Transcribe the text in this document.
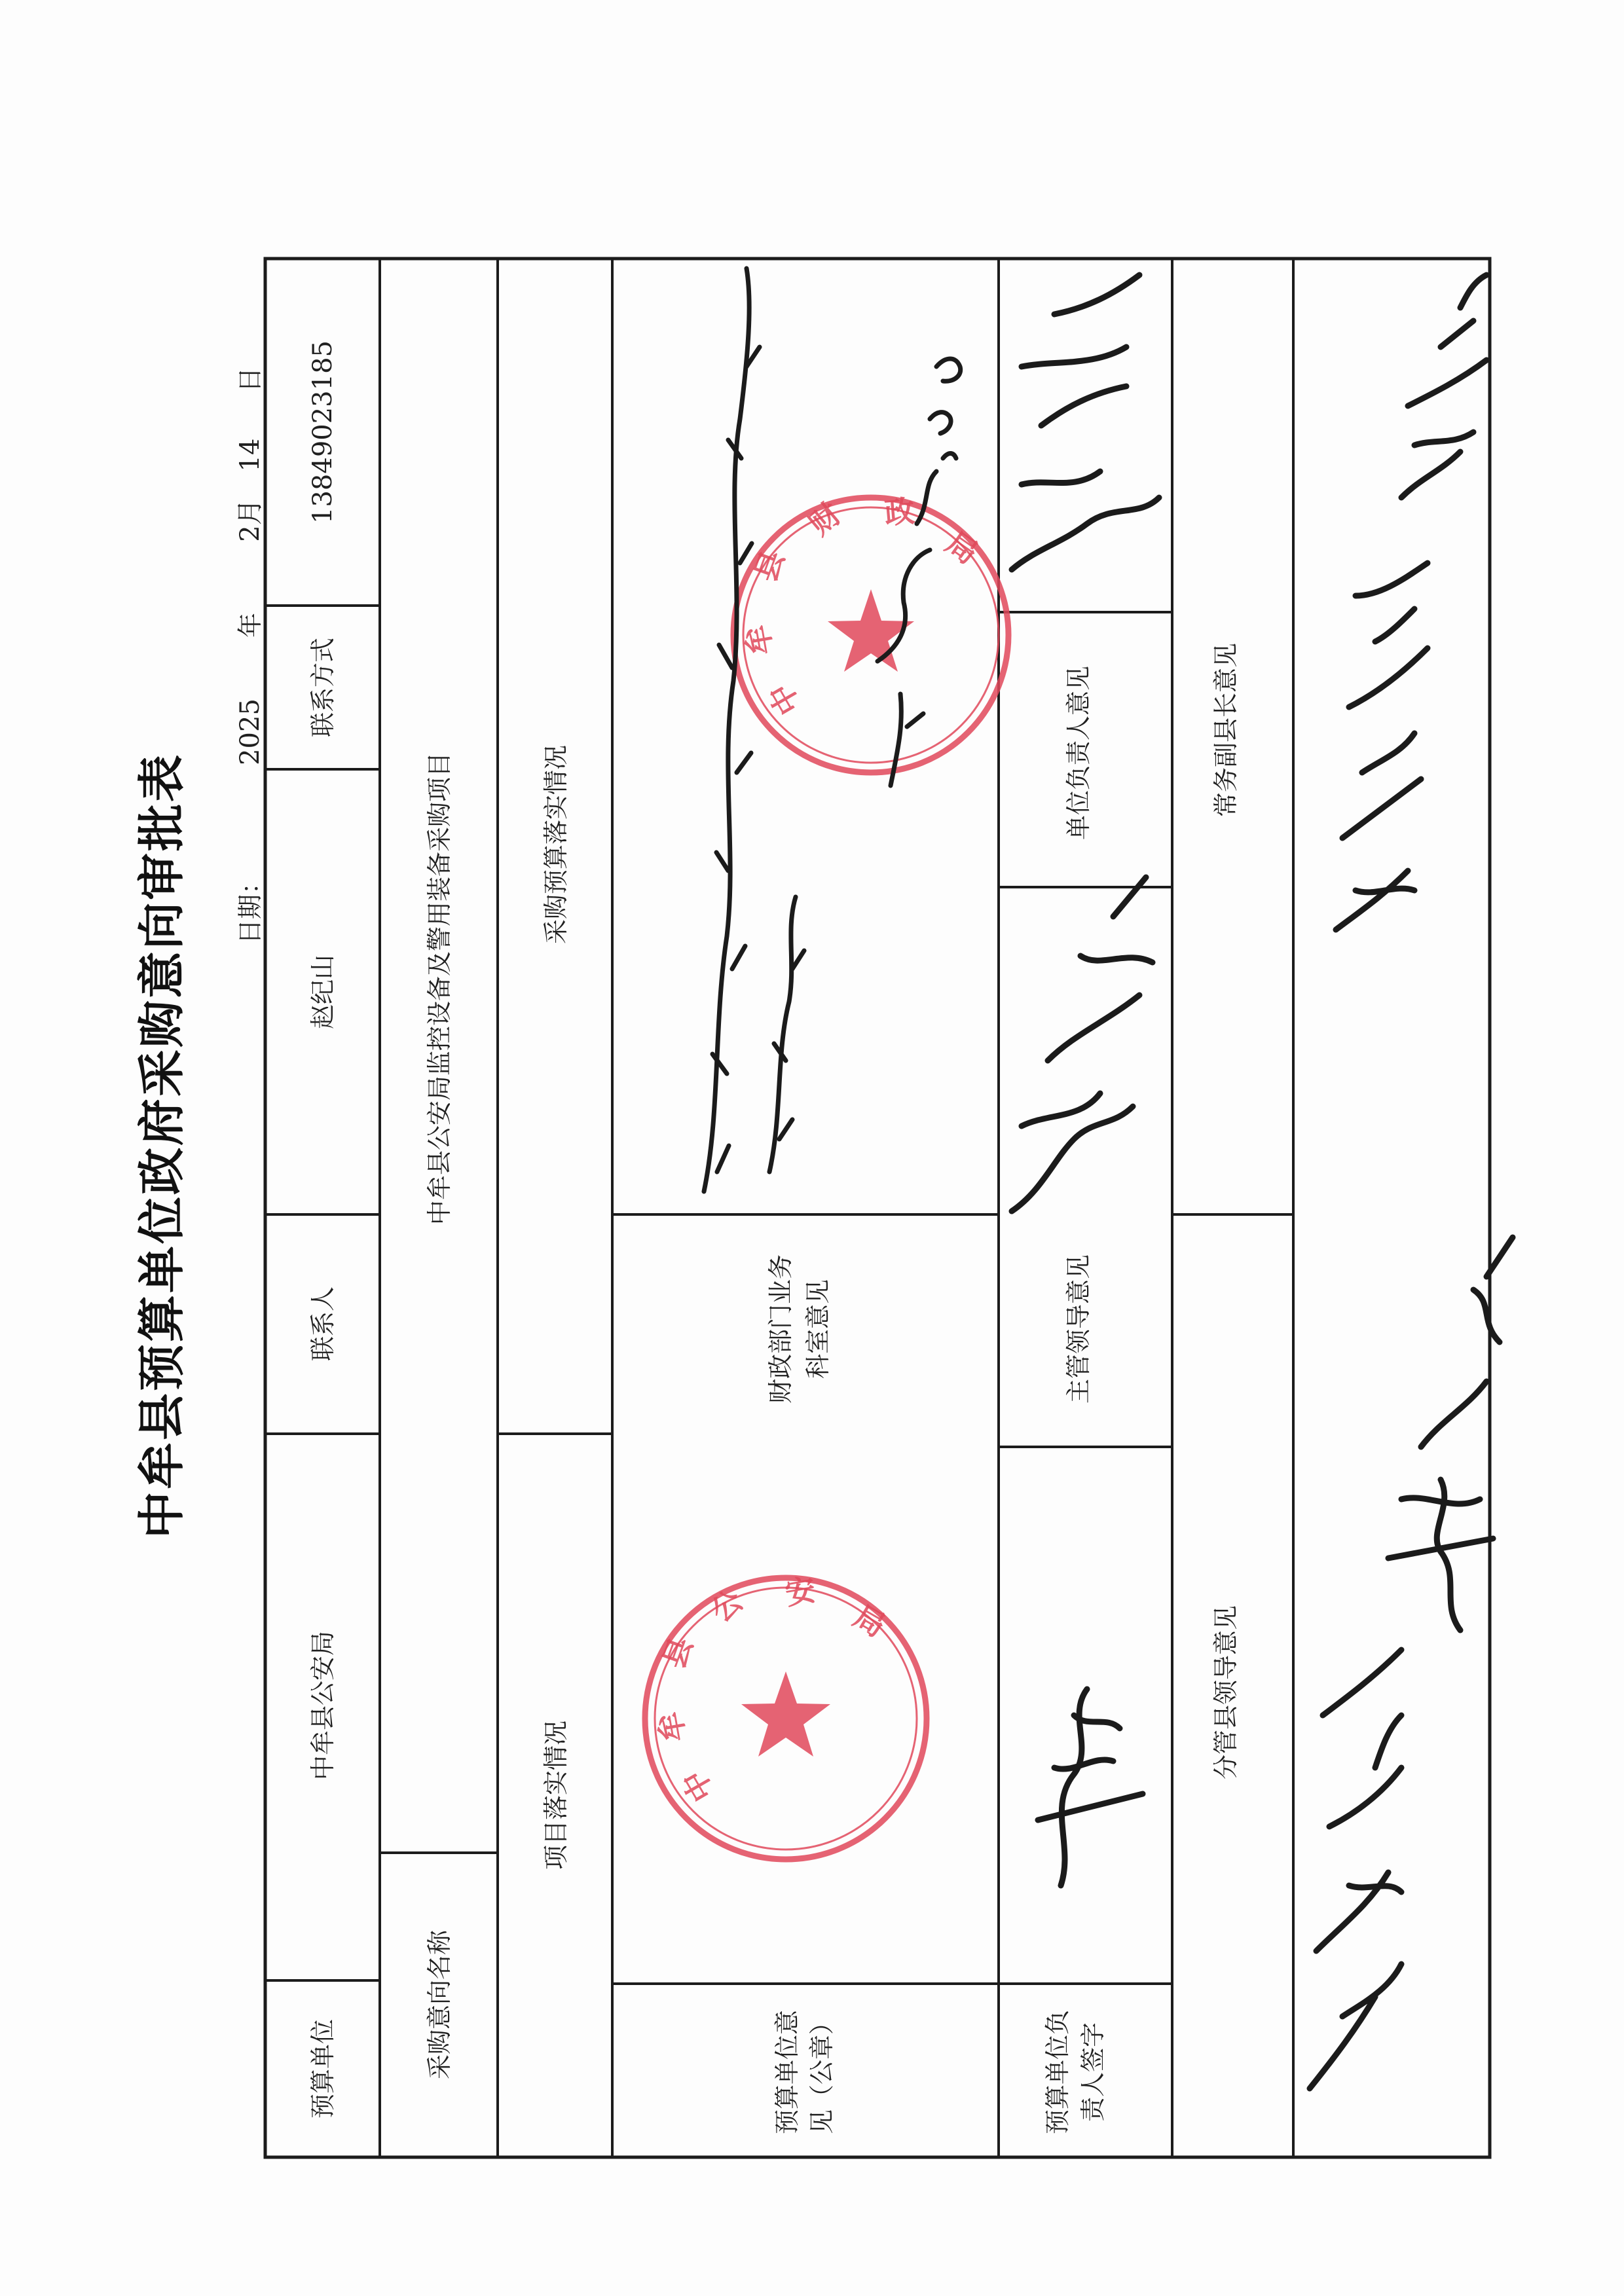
中牟县预算单位政府采购意向审批表 日期：
2025
年
2月
14
日
预算单位
中牟县公安局
联系人
赵纪山
联系方式
13849023185
采购意向名称
中牟县公安局监控设备及警用装备采购项目
项目落实情况
采购预算落实情况
预算单位意 见（公章）
财政部门业务 科室意见
预算单位负 责人签字
主管领导意见
单位负责人意见
分管县领导意见
常务副县长意见
中
牟
县
公 安
局
中
牟
县
财 政
局
